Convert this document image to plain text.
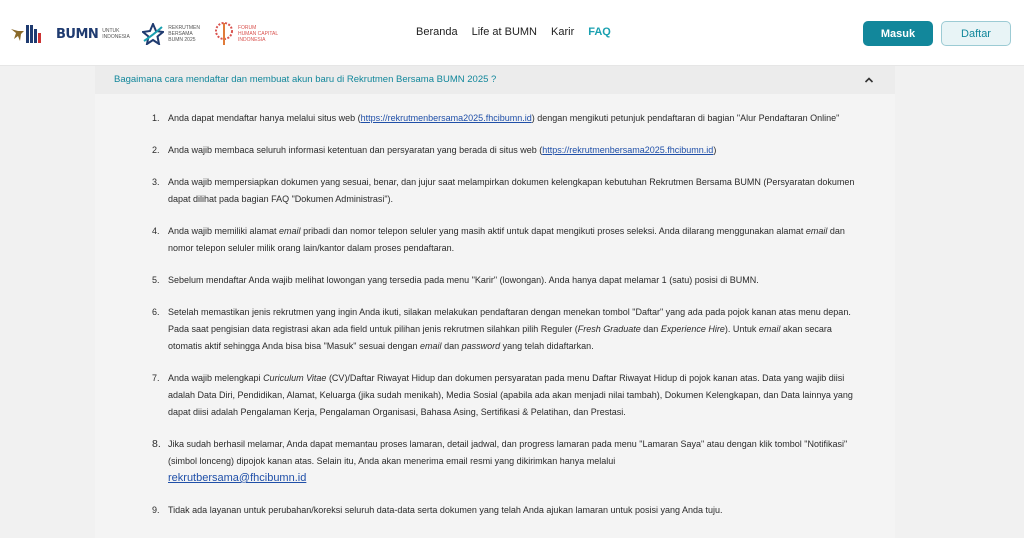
BUMN UNTUK INDONESIA
REKRUTMEN
BERSAMA
BUMN 2025
FORUM
HUMAN CAPITAL
INDONESIA
Beranda Life at BUMN Karir FAQ	Masuk	Daftar
Bagaimana cara mendaftar dan membuat akun baru di Rekrutmen Bersama BUMN 2025 ?
1. Anda dapat mendaftar hanya melalui situs web (https://rekrutmenbersama2025.fhcibumn.id) dengan mengikuti petunjuk pendaftaran di bagian "Alur Pendaftaran Online"
2. Anda wajib membaca seluruh informasi ketentuan dan persyaratan yang berada di situs web (https://rekrutmenbersama2025.fhcibumn.id)
3. Anda wajib mempersiapkan dokumen yang sesuai, benar, dan jujur saat melampirkan dokumen kelengkapan kebutuhan Rekrutmen Bersama BUMN (Persyaratan dokumen dapat dilihat pada bagian FAQ "Dokumen Administrasi").
4. Anda wajib memiliki alamat email pribadi dan nomor telepon seluler yang masih aktif untuk dapat mengikuti proses seleksi. Anda dilarang menggunakan alamat email dan nomor telepon seluler milik orang lain/kantor dalam proses pendaftaran.
5. Sebelum mendaftar Anda wajib melihat lowongan yang tersedia pada menu "Karir" (lowongan). Anda hanya dapat melamar 1 (satu) posisi di BUMN.
6. Setelah memastikan jenis rekrutmen yang ingin Anda ikuti, silakan melakukan pendaftaran dengan menekan tombol "Daftar" yang ada pada pojok kanan atas menu depan. Pada saat pengisian data registrasi akan ada field untuk pilihan jenis rekrutmen silahkan pilih Reguler (Fresh Graduate dan Experience Hire). Untuk email akan secara otomatis aktif sehingga Anda bisa bisa "Masuk" sesuai dengan email dan password yang telah didaftarkan.
7. Anda wajib melengkapi Curiculum Vitae (CV)/Daftar Riwayat Hidup dan dokumen persyaratan pada menu Daftar Riwayat Hidup di pojok kanan atas. Data yang wajib diisi adalah Data Diri, Pendidikan, Alamat, Keluarga (jika sudah menikah), Media Sosial (apabila ada akan menjadi nilai tambah), Dokumen Kelengkapan, dan Data lainnya yang dapat diisi adalah Pengalaman Kerja, Pengalaman Organisasi, Bahasa Asing, Sertifikasi & Pelatihan, dan Prestasi.
8. Jika sudah berhasil melamar, Anda dapat memantau proses lamaran, detail jadwal, dan progress lamaran pada menu "Lamaran Saya" atau dengan klik tombol "Notifikasi" (simbol lonceng) dipojok kanan atas. Selain itu, Anda akan menerima email resmi yang dikirimkan hanya melalui
rekrutbersama@fhcibumn.id
9. Tidak ada layanan untuk perubahan/koreksi seluruh data-data serta dokumen yang telah Anda ajukan lamaran untuk posisi yang Anda tuju.
